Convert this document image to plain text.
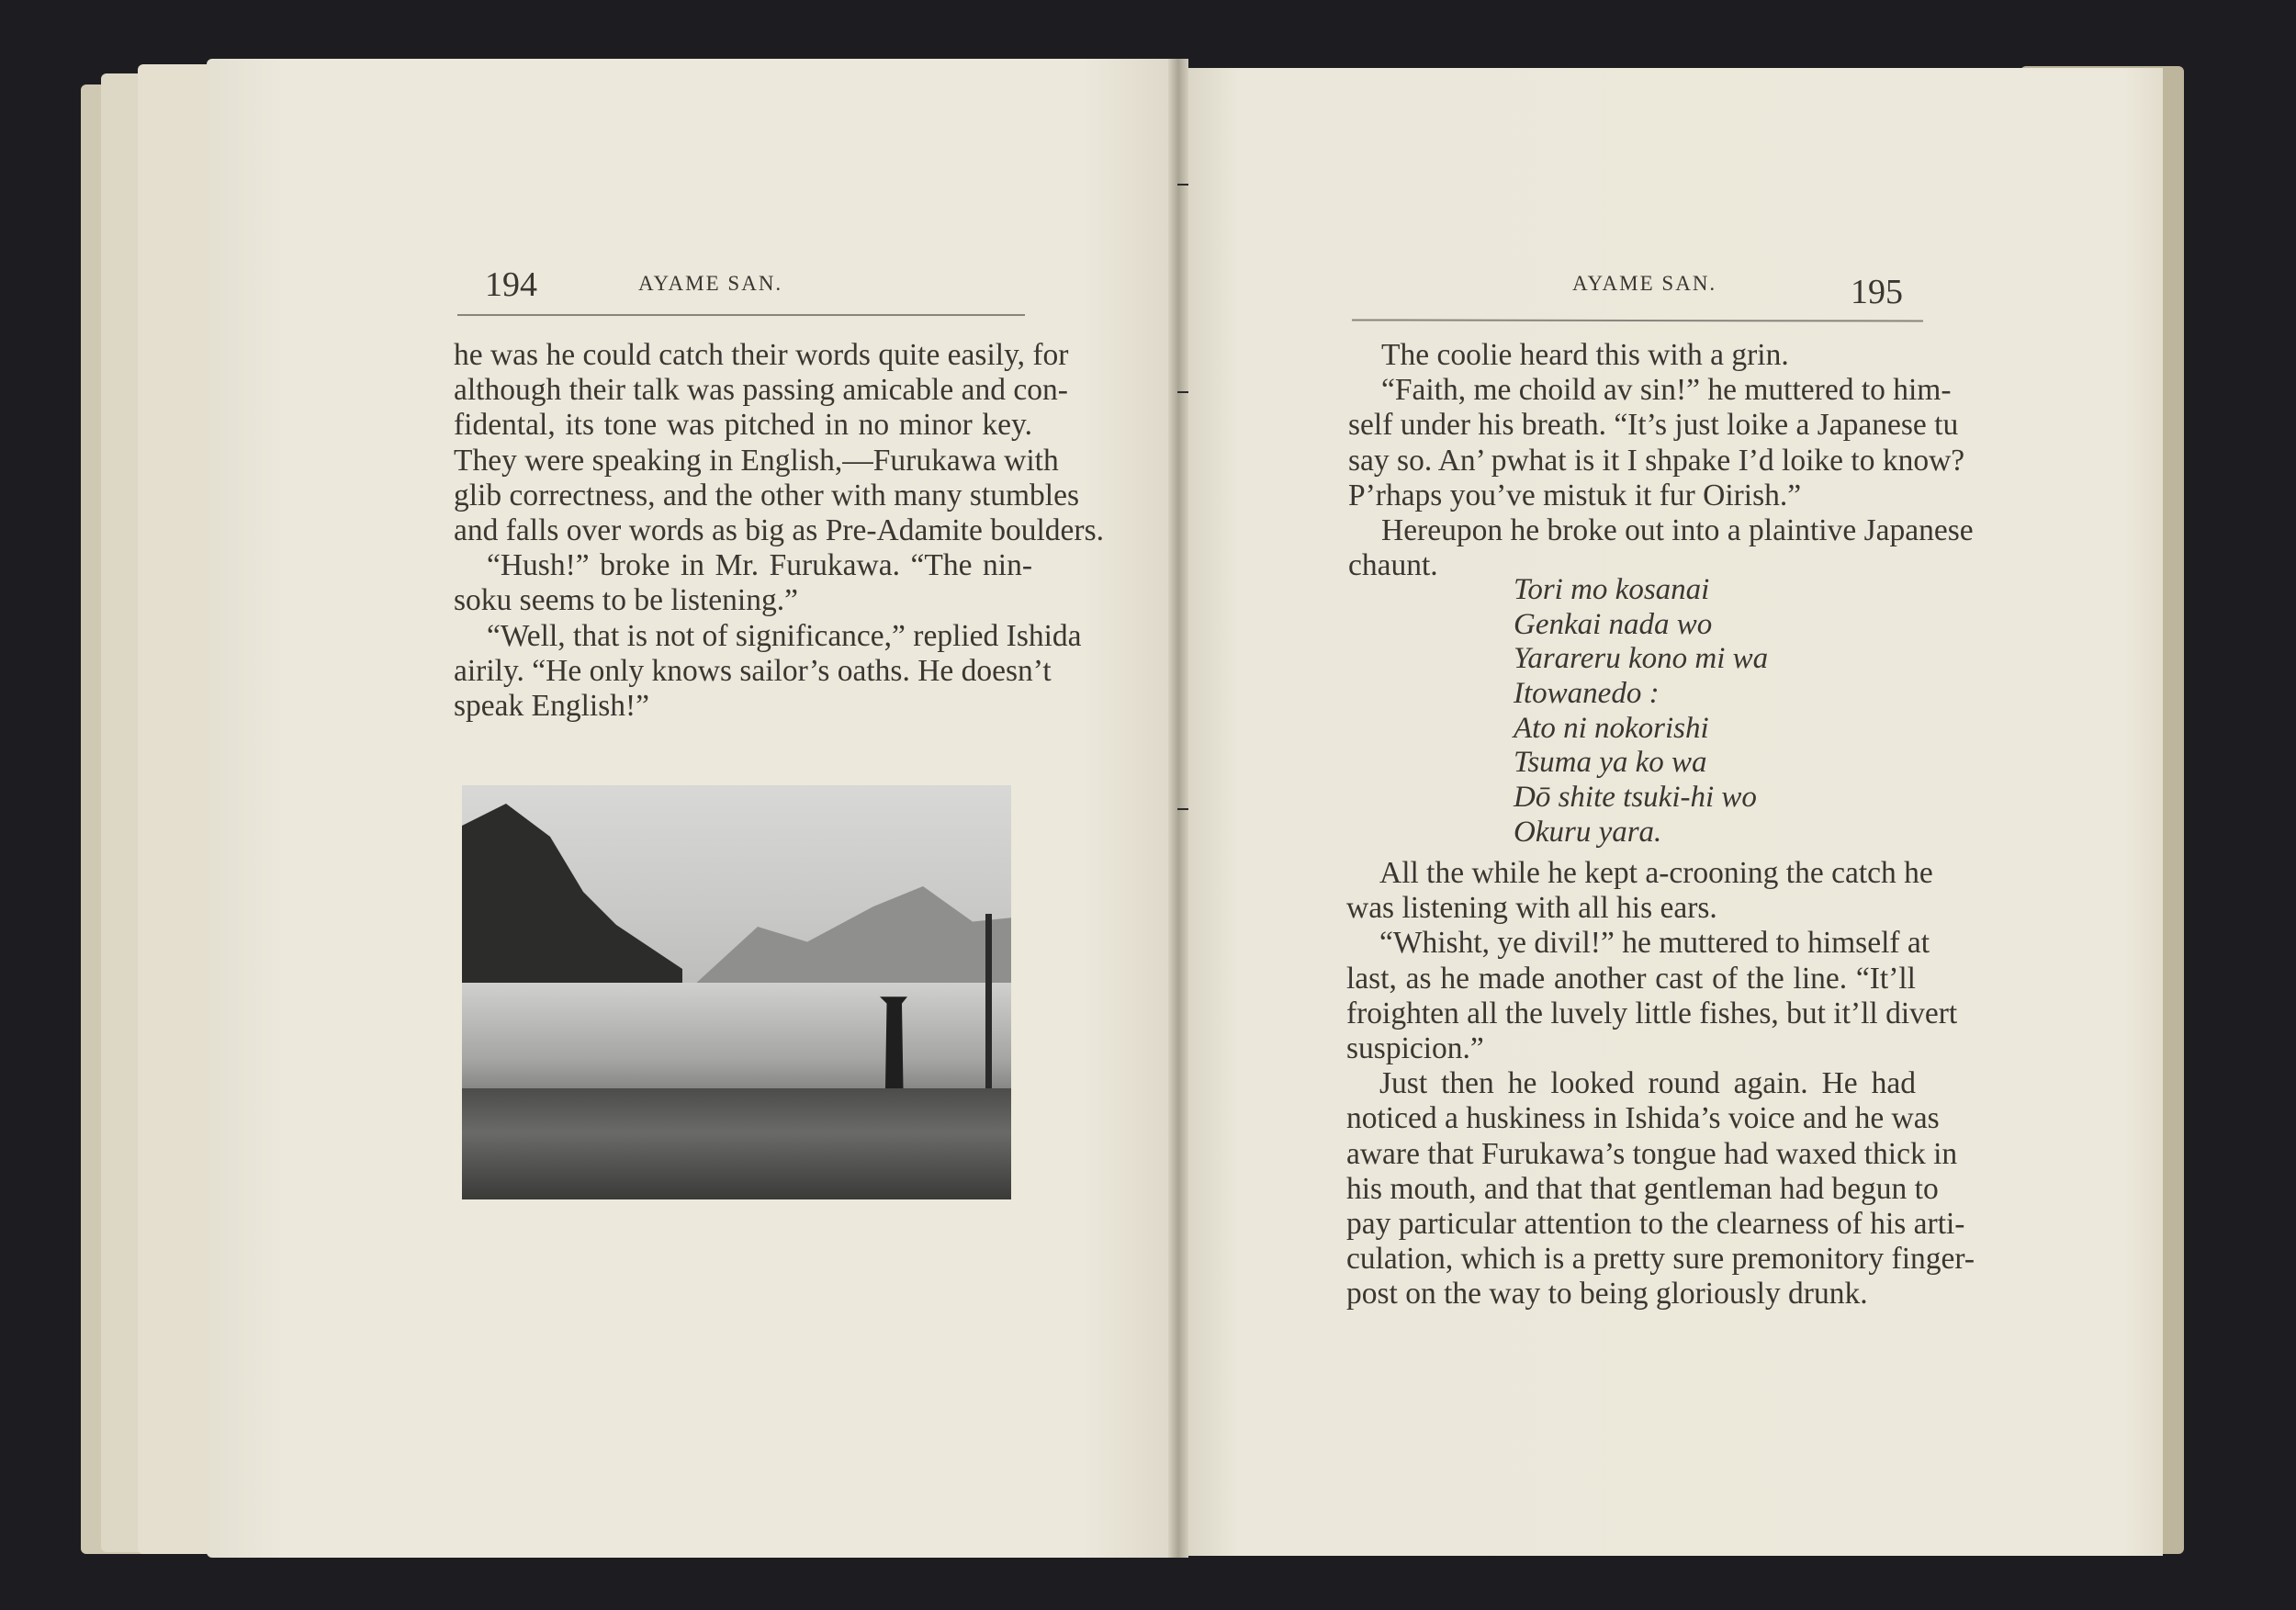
194	AYAME SAN.
he was he could catch their words quite easily, for
although their talk was passing amicable and con-
fidental, its tone was pitched in no minor key.
They were speaking in English,—Furukawa with
glib correctness, and the other with many stumbles
and falls over words as big as Pre-Adamite boulders.
“Hush!” broke in Mr. Furukawa. “The nin-
soku seems to be listening.”
“Well, that is not of significance,” replied Ishida
airily. “He only knows sailor’s oaths. He doesn’t
speak English!”
AYAME SAN.	195
The coolie heard this with a grin.
“Faith, me choild av sin!” he muttered to him-
self under his breath. “It’s just loike a Japanese tu
say so. An’ pwhat is it I shpake I’d loike to know?
P’rhaps you’ve mistuk it fur Oirish.”
Hereupon he broke out into a plaintive Japanese
chaunt.
Tori mo kosanai
Genkai nada wo
Yarareru kono mi wa
Itowanedo :
Ato ni nokorishi
Tsuma ya ko wa
Dō shite tsuki-hi wo
Okuru yara.
All the while he kept a-crooning the catch he
was listening with all his ears.
“Whisht, ye divil!” he muttered to himself at
last, as he made another cast of the line. “It’ll
froighten all the luvely little fishes, but it’ll divert
suspicion.”
Just then he looked round again. He had
noticed a huskiness in Ishida’s voice and he was
aware that Furukawa’s tongue had waxed thick in
his mouth, and that that gentleman had begun to
pay particular attention to the clearness of his arti-
culation, which is a pretty sure premonitory finger-
post on the way to being gloriously drunk.
